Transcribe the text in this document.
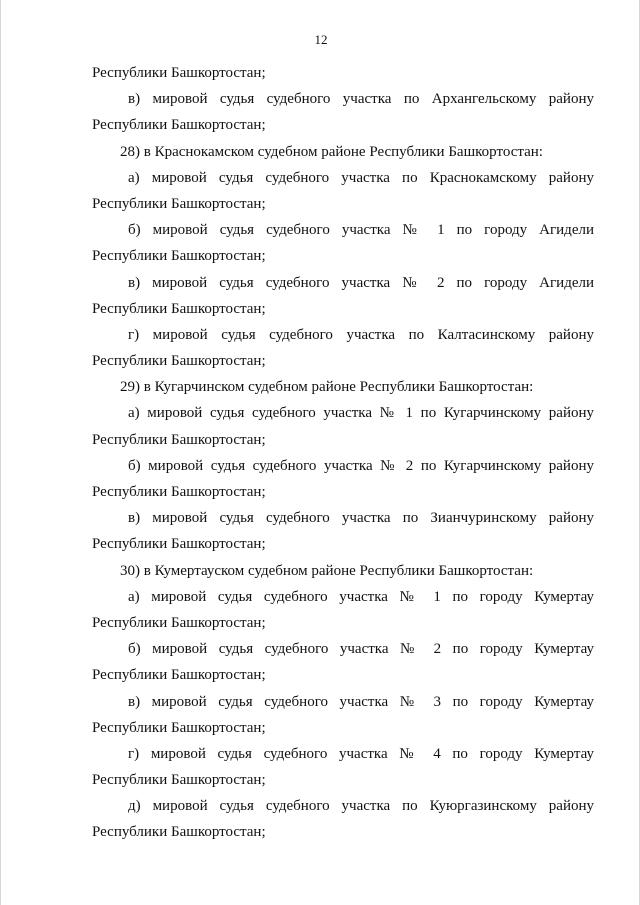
12
Республики Башкортостан;
в) мировой судья судебного участка по Архангельскому району
Республики Башкортостан;
28) в Краснокамском судебном районе Республики Башкортостан:
а) мировой судья судебного участка по Краснокамскому району
Республики Башкортостан;
б) мировой судья судебного участка № 1 по городу Агидели
Республики Башкортостан;
в) мировой судья судебного участка № 2 по городу Агидели
Республики Башкортостан;
г) мировой судья судебного участка по Калтасинскому району
Республики Башкортостан;
29) в Кугарчинском судебном районе Республики Башкортостан:
а) мировой судья судебного участка № 1 по Кугарчинскому району
Республики Башкортостан;
б) мировой судья судебного участка № 2 по Кугарчинскому району
Республики Башкортостан;
в) мировой судья судебного участка по Зианчуринскому району
Республики Башкортостан;
30) в Кумертауском судебном районе Республики Башкортостан:
а) мировой судья судебного участка № 1 по городу Кумертау
Республики Башкортостан;
б) мировой судья судебного участка № 2 по городу Кумертау
Республики Башкортостан;
в) мировой судья судебного участка № 3 по городу Кумертау
Республики Башкортостан;
г) мировой судья судебного участка № 4 по городу Кумертау
Республики Башкортостан;
д) мировой судья судебного участка по Куюргазинскому району
Республики Башкортостан;
